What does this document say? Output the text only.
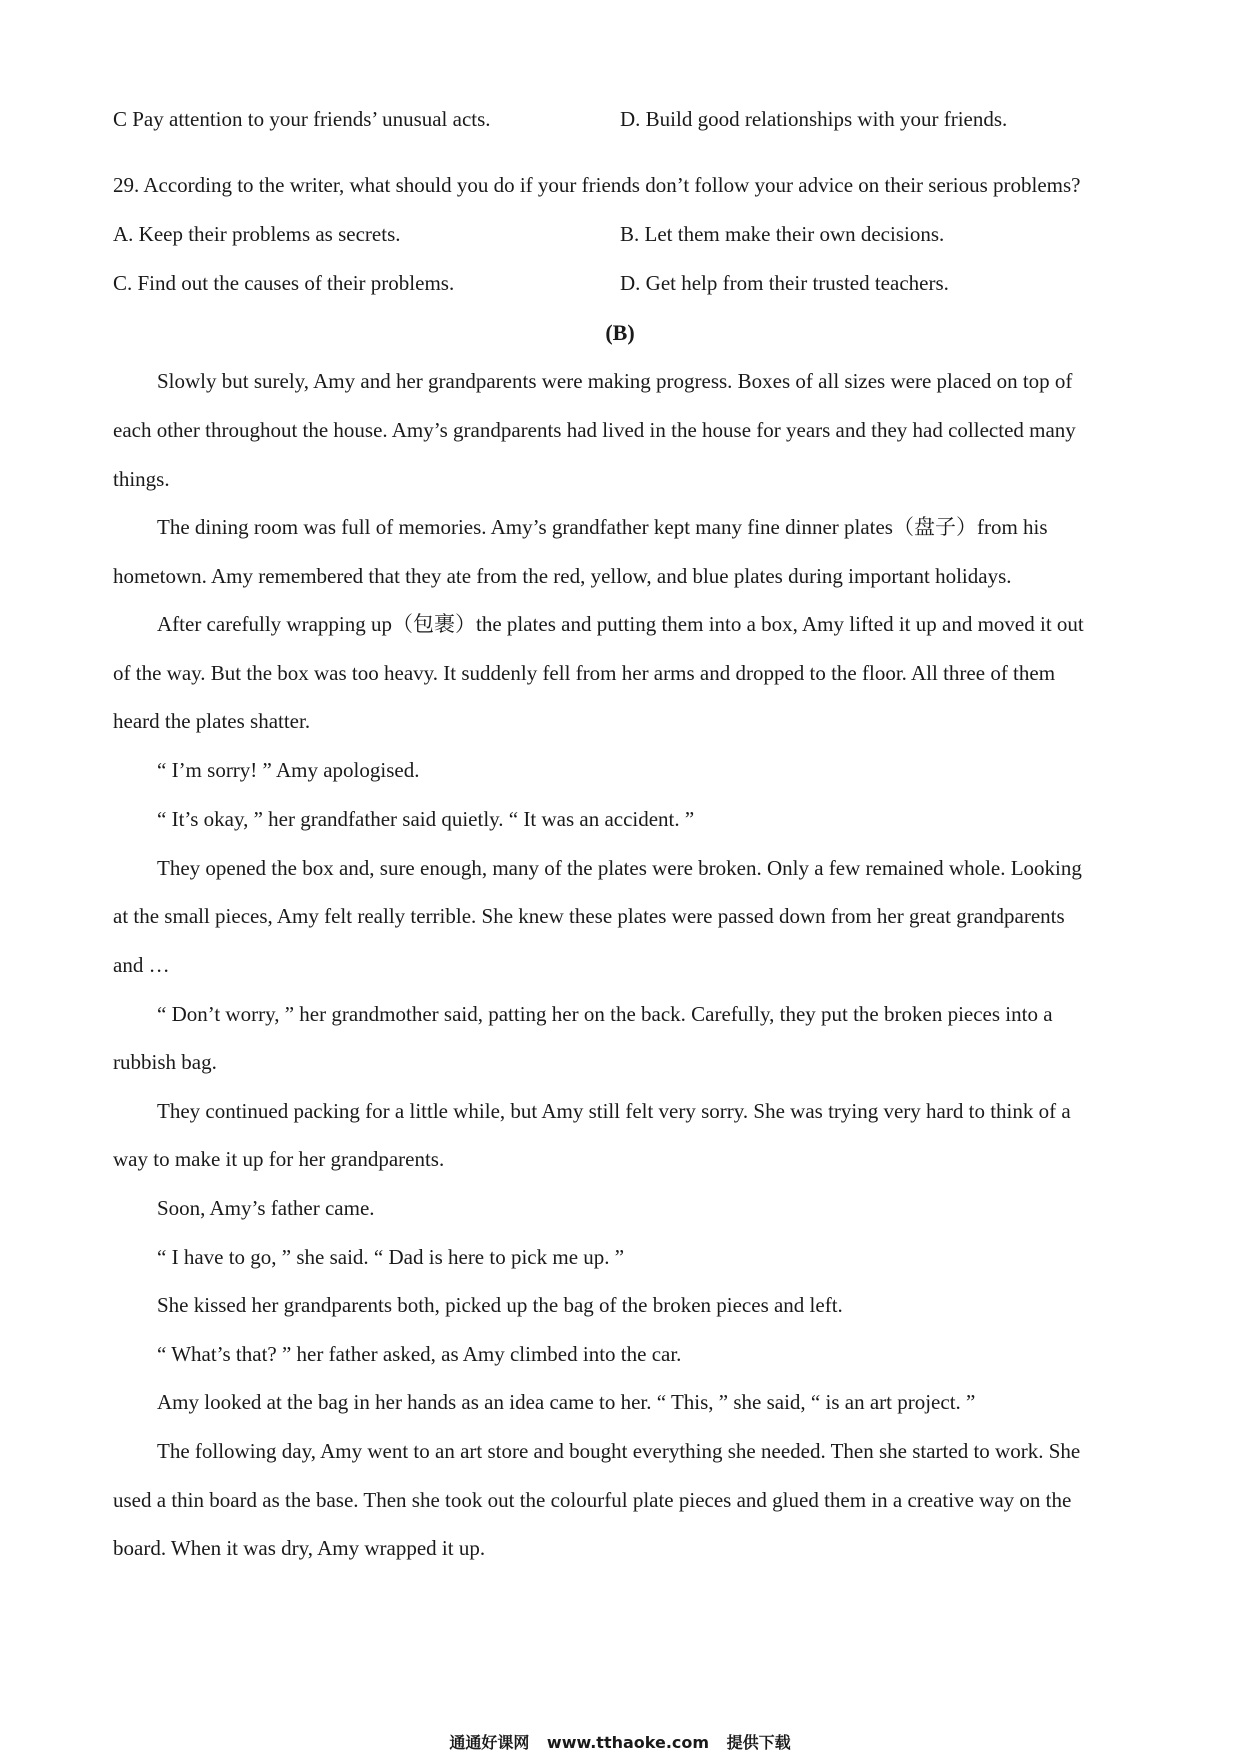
C Pay attention to your friends’ unusual acts.	D. Build good relationships with your friends.
29. According to the writer, what should you do if your friends don’t follow your advice on their serious problems?
A. Keep their problems as secrets.	B. Let them make their own decisions.
C. Find out the causes of their problems.	D. Get help from their trusted teachers.
(B)
Slowly but surely, Amy and her grandparents were making progress. Boxes of all sizes were placed on top of
each other throughout the house. Amy’s grandparents had lived in the house for years and they had collected many
things.
The dining room was full of memories. Amy’s grandfather kept many fine dinner plates（盘子）from his
hometown. Amy remembered that they ate from the red, yellow, and blue plates during important holidays.
After carefully wrapping up（包裹）the plates and putting them into a box, Amy lifted it up and moved it out
of the way. But the box was too heavy. It suddenly fell from her arms and dropped to the floor. All three of them
heard the plates shatter.
“ I’m sorry! ” Amy apologised.
“ It’s okay, ” her grandfather said quietly. “ It was an accident. ”
They opened the box and, sure enough, many of the plates were broken. Only a few remained whole. Looking
at the small pieces, Amy felt really terrible. She knew these plates were passed down from her great grandparents
and …
“ Don’t worry, ” her grandmother said, patting her on the back. Carefully, they put the broken pieces into a
rubbish bag.
They continued packing for a little while, but Amy still felt very sorry. She was trying very hard to think of a
way to make it up for her grandparents.
Soon, Amy’s father came.
“ I have to go, ” she said. “ Dad is here to pick me up. ”
She kissed her grandparents both, picked up the bag of the broken pieces and left.
“ What’s that? ” her father asked, as Amy climbed into the car.
Amy looked at the bag in her hands as an idea came to her. “ This, ” she said, “ is an art project. ”
The following day, Amy went to an art store and bought everything she needed. Then she started to work. She
used a thin board as the base. Then she took out the colourful plate pieces and glued them in a creative way on the
board. When it was dry, Amy wrapped it up.
通通好课网 www.tthaoke.com 提供下载
